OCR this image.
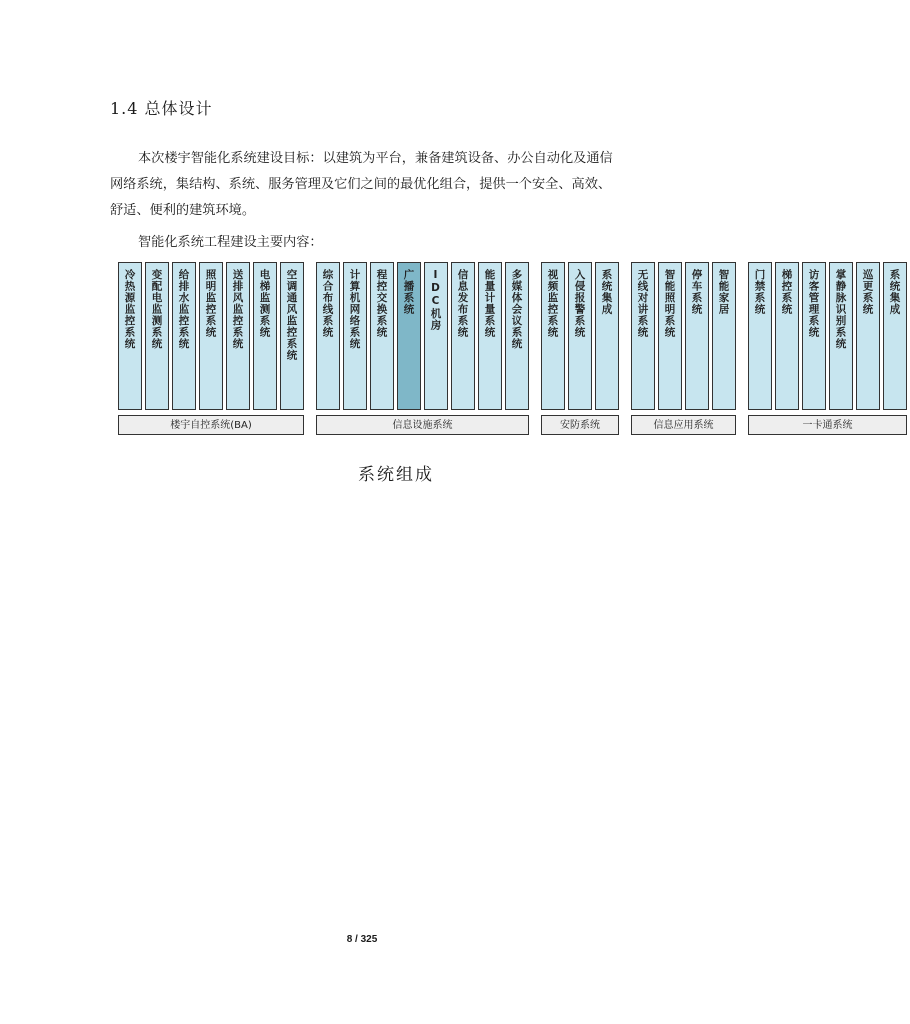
1.4 总体设计
本次楼宇智能化系统建设目标：以建筑为平台，兼备建筑设备、办公自动化及通信网络系统，集结构、系统、服务管理及它们之间的最优化组合，提供一个安全、高效、舒适、便利的建筑环境。
智能化系统工程建设主要内容：
冷热源监控系统	变配电监测系统	给排水监控系统	照明监控系统	送排风监控系统	电梯监测系统	空调通风监控系统
楼宇自控系统(BA)
综合布线系统	计算机网络系统	程控交换系统	广播系统	IDC机房	信息发布系统	能量计量系统	多媒体会议系统
信息设施系统
视频监控系统	入侵报警系统	系统集成
安防系统
无线对讲系统	智能照明系统	停车系统	智能家居
信息应用系统
门禁系统	梯控系统	访客管理系统	掌静脉识别系统	巡更系统	系统集成
一卡通系统
系统组成
8 / 325
